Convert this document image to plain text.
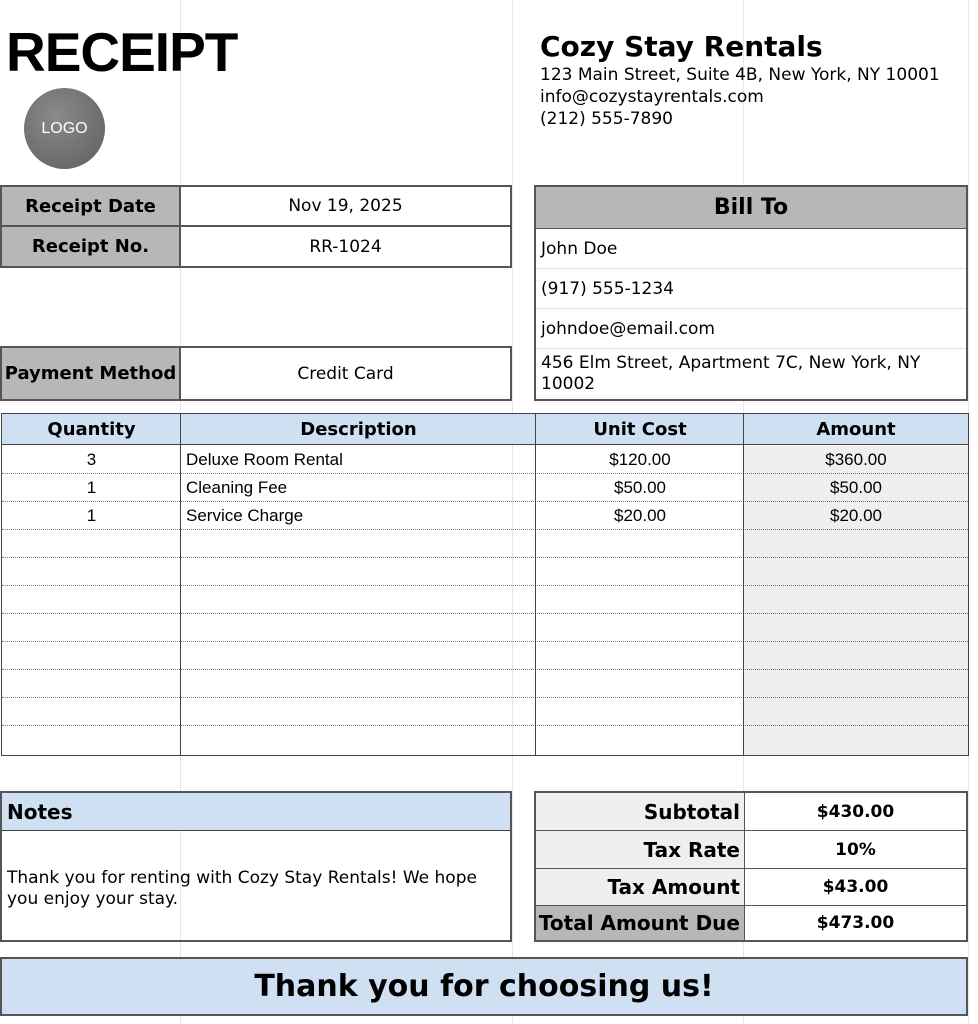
RECEIPT
LOGO
Cozy Stay Rentals
123 Main Street, Suite 4B, New York, NY 10001
info@cozystayrentals.com
(212) 555-7890
Receipt Date	Nov 19, 2025
Receipt No.	RR-1024
Payment Method	Credit Card
Bill To
John Doe
(917) 555-1234
johndoe@email.com
456 Elm Street, Apartment 7C, New York, NY 10002
Quantity	Description	Unit Cost	Amount
3	Deluxe Room Rental	$120.00	$360.00
1	Cleaning Fee	$50.00	$50.00
1	Service Charge	$20.00	$20.00
Notes
Thank you for renting with Cozy Stay Rentals! We hope you enjoy your stay.
Subtotal	$430.00
Tax Rate	10%
Tax Amount	$43.00
Total Amount Due	$473.00
Thank you for choosing us!
